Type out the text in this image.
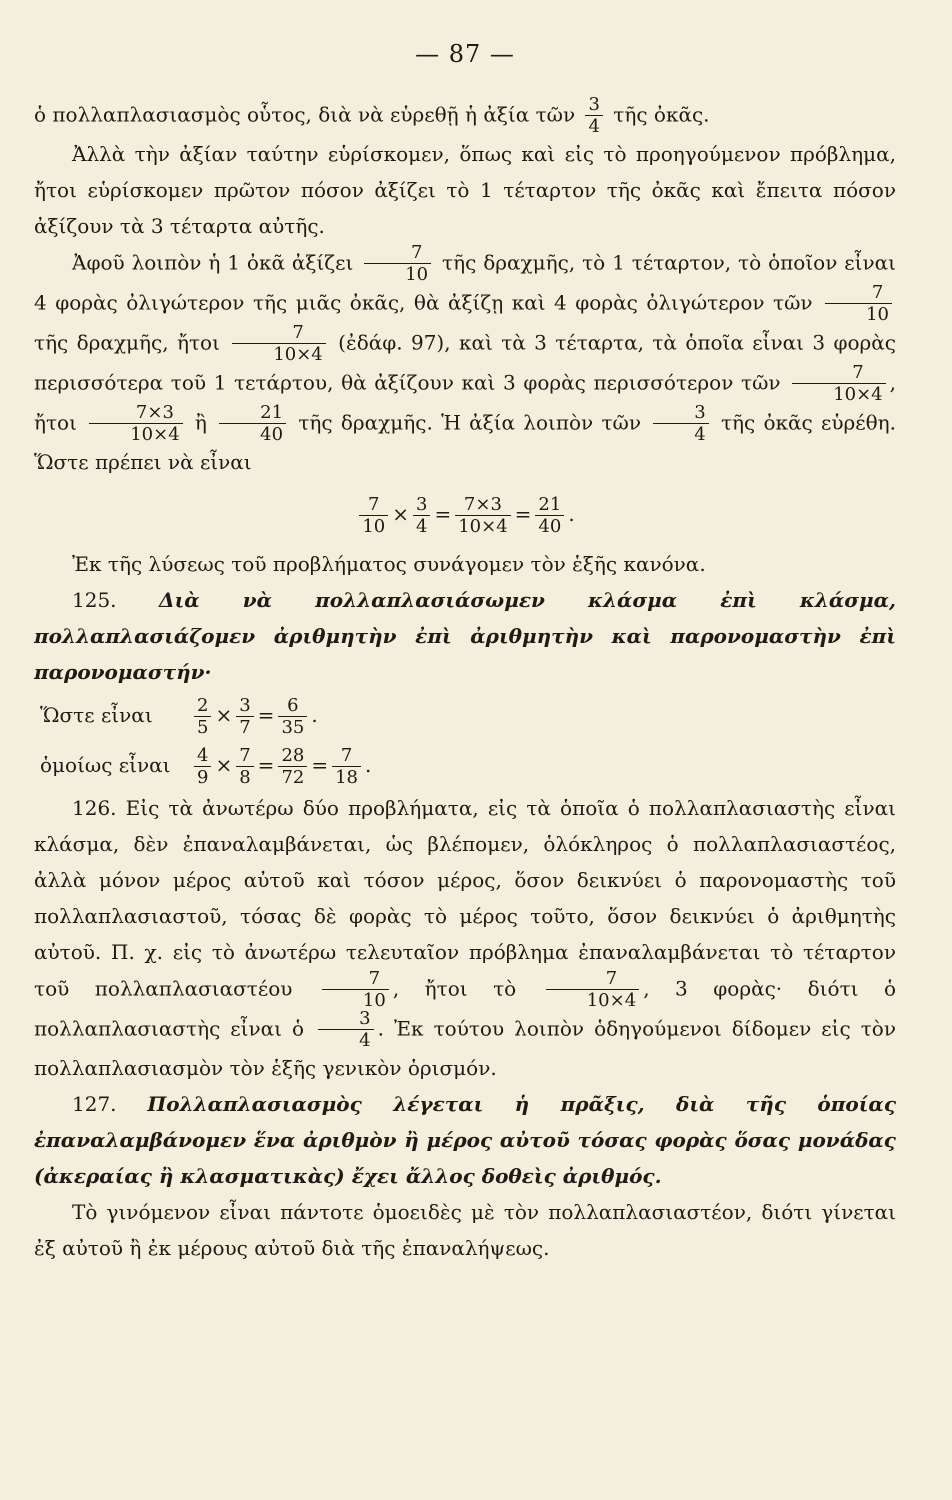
— 87 —

ὁ πολλαπλασιασμὸς οὗτος, διὰ νὰ εὑρεθῇ ἡ ἀξία τῶν $\frac{3}{4}$ τῆς ὀκᾶς.

Ἀλλὰ τὴν ἀξίαν ταύτην εὑρίσκομεν, ὅπως καὶ εἰς τὸ προηγούμενον πρόβλημα, ἤτοι εὑρίσκομεν πρῶτον πόσον ἀξίζει τὸ 1 τέταρτον τῆς ὀκᾶς καὶ ἔπειτα πόσον ἀξίζουν τὰ 3 τέταρτα αὐτῆς.

Ἀφοῦ λοιπὸν ἡ 1 ὀκᾶ ἀξίζει $\frac{7}{10}$ τῆς δραχμῆς, τὸ 1 τέταρτον, τὸ ὁποῖον εἶναι 4 φορὰς ὀλιγώτερον τῆς μιᾶς ὀκᾶς, θὰ ἀξίζῃ καὶ 4 φορὰς ὀλιγώτερον τῶν $\frac{7}{10}$
τῆς δραχμῆς, ἤτοι $\frac{7}{10\times 4}$ (ἐδάφ. 97), καὶ τὰ 3 τέταρτα, τὰ ὁποῖα εἶναι 3 φορὰς περισσότερα τοῦ 1 τετάρτου, θὰ ἀξίζουν καὶ 3 φορὰς περισσότερον τῶν $\frac{7}{10\times 4}$ , ἤτοι $\frac{7\times 3}{10\times 4}$ ἢ $\frac{21}{40}$ τῆς δραχμῆς. Ἡ ἀξία λοιπὸν τῶν $\frac{3}{4}$ τῆς ὀκᾶς εὑρέθη. Ὥστε πρέπει νὰ εἶναι

$\frac{7}{10} \times \frac{3}{4} = \frac{7\times 3}{10\times 4} = \frac{21}{40}$ .

Ἐκ τῆς λύσεως τοῦ προβλήματος συνάγομεν τὸν ἑξῆς κανόνα.

125. Διὰ νὰ πολλαπλασιάσωμεν κλάσμα ἐπὶ κλάσμα, πολλαπλασιάζομεν ἀριθμητὴν ἐπὶ ἀριθμητὴν καὶ παρονομαστὴν ἐπὶ παρονομαστήν·

Ὥστε εἶναι $\frac{2}{5} \times \frac{3}{7} = \frac{6}{35}$ .
ὁμοίως εἶναι $\frac{4}{9} \times \frac{7}{8} = \frac{28}{72} = \frac{7}{18}$ .

126. Εἰς τὰ ἀνωτέρω δύο προβλήματα, εἰς τὰ ὁποῖα ὁ πολλαπλασιαστὴς εἶναι κλάσμα, δὲν ἐπαναλαμβάνεται, ὡς βλέπομεν, ὁλόκληρος ὁ πολλαπλασιαστέος, ἀλλὰ μόνον μέρος αὐτοῦ καὶ τόσον μέρος, ὅσον δεικνύει ὁ παρονομαστὴς τοῦ πολλαπλασιαστοῦ, τόσας δὲ φορὰς τὸ μέρος τοῦτο, ὅσον δεικνύει ὁ ἀριθμητὴς αὐτοῦ. Π. χ. εἰς τὸ ἀνωτέρω τελευταῖον πρόβλημα ἐπαναλαμβάνεται τὸ τέταρτον τοῦ πολλαπλασιαστέου $\frac{7}{10}$ , ἤτοι τὸ $\frac{7}{10\times 4}$ , 3 φορὰς· διότι ὁ πολλαπλασιαστὴς εἶναι ὁ $\frac{3}{4}$ . Ἐκ τούτου λοιπὸν ὁδηγούμενοι δίδομεν εἰς τὸν πολλαπλασιασμὸν τὸν ἑξῆς γενικὸν ὁρισμόν.

127. Πολλαπλασιασμὸς λέγεται ἡ πρᾶξις, διὰ τῆς ὁποίας ἐπαναλαμβάνομεν ἕνα ἀριθμὸν ἢ μέρος αὐτοῦ τόσας φορὰς ὅσας μονάδας (ἀκεραίας ἢ κλασματικὰς) ἔχει ἄλλος δοθεὶς ἀριθμός.

Τὸ γινόμενον εἶναι πάντοτε ὁμοειδὲς μὲ τὸν πολλαπλασιαστέον, διότι γίνεται ἐξ αὐτοῦ ἢ ἐκ μέρους αὐτοῦ διὰ τῆς ἐπαναλήψεως.
